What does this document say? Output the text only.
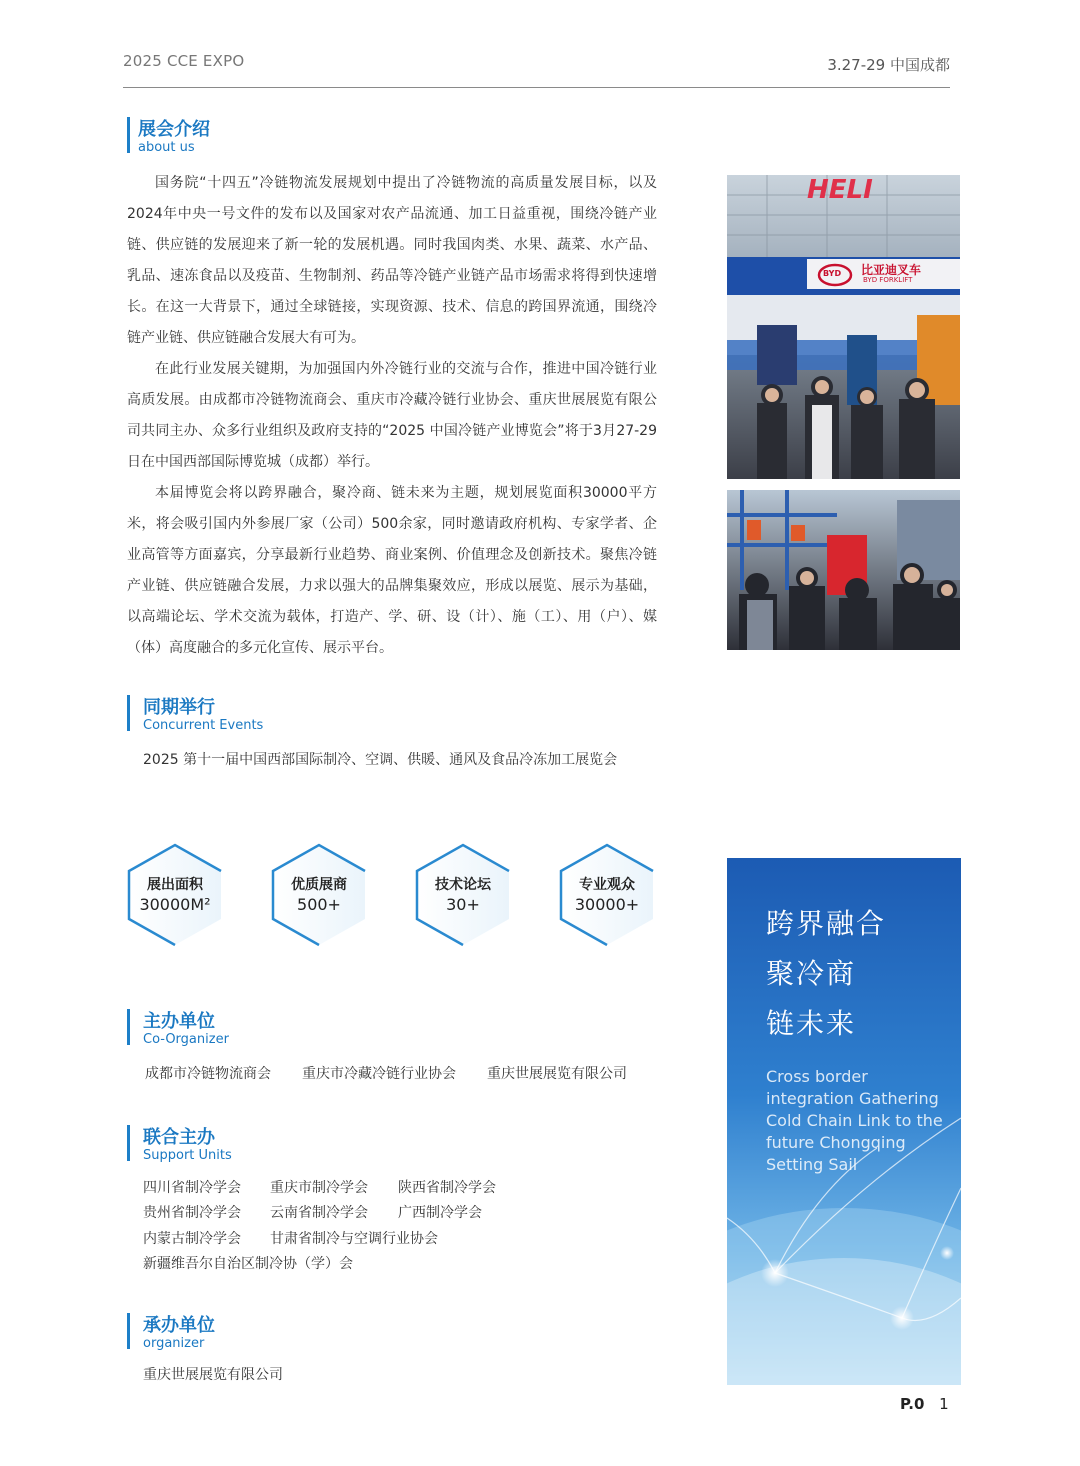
2025 CCE EXPO	3.27-29 中国成都
展会介绍
about us

国务院“十四五”冷链物流发展规划中提出了冷链物流的高质量发展目标，以及2024年中央一号文件的发布以及国家对农产品流通、加工日益重视，围绕冷链产业链、供应链的发展迎来了新一轮的发展机遇。同时我国肉类、水果、蔬菜、水产品、乳品、速冻食品以及疫苗、生物制剂、药品等冷链产业链产品市场需求将得到快速增长。在这一大背景下，通过全球链接，实现资源、技术、信息的跨国界流通，围绕冷链产业链、供应链融合发展大有可为。

在此行业发展关键期，为加强国内外冷链行业的交流与合作，推进中国冷链行业高质发展。由成都市冷链物流商会、重庆市冷藏冷链行业协会、重庆世展展览有限公司共同主办、众多行业组织及政府支持的“2025 中国冷链产业博览会”将于3月27-29日在中国西部国际博览城（成都）举行。

本届博览会将以跨界融合，聚冷商、链未来为主题，规划展览面积30000平方米，将会吸引国内外参展厂家（公司）500余家，同时邀请政府机构、专家学者、企业高管等方面嘉宾，分享最新行业趋势、商业案例、价值理念及创新技术。聚焦冷链产业链、供应链融合发展，力求以强大的品牌集聚效应，形成以展览、展示为基础，以高端论坛、学术交流为载体，打造产、学、研、设（计）、施（工）、用（户）、媒（体）高度融合的多元化宣传、展示平台。

HELI
BYD 比亚迪叉车
BYD FORKLIFT
同期举行
Concurrent Events
2025 第十一届中国西部国际制冷、空调、供暖、通风及食品冷冻加工展览会
展出面积
30000M²
优质展商
500+
技术论坛
30+
专业观众
30000+
主办单位
Co-Organizer
成都市冷链物流商会 重庆市冷藏冷链行业协会 重庆世展展览有限公司
联合主办
Support Units
四川省制冷学会 重庆市制冷学会 陕西省制冷学会
贵州省制冷学会 云南省制冷学会 广西制冷学会
内蒙古制冷学会 甘肃省制冷与空调行业协会
新疆维吾尔自治区制冷协（学）会
承办单位
organizer
重庆世展展览有限公司
跨界融合
聚冷商
链未来
Cross border integration Gathering Cold Chain Link to the future Chongqing Setting Sail
P.0 1
